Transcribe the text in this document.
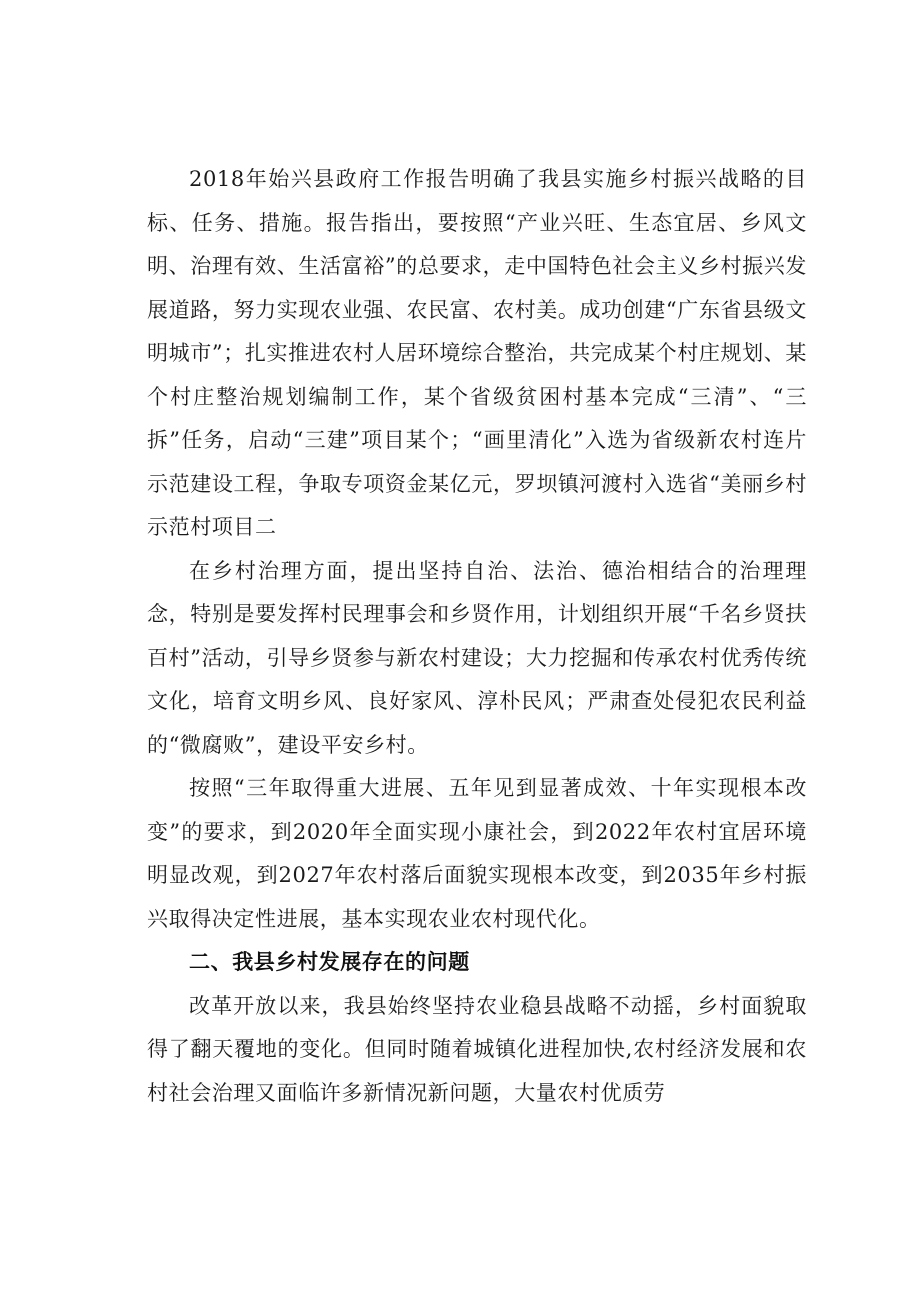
2018年始兴县政府工作报告明确了我县实施乡村振兴战略的目标、任务、措施。报告指出，要按照“产业兴旺、生态宜居、乡风文明、治理有效、生活富裕”的总要求，走中国特色社会主义乡村振兴发展道路，努力实现农业强、农民富、农村美。成功创建“广东省县级文明城市”；扎实推进农村人居环境综合整治，共完成某个村庄规划、某个村庄整治规划编制工作，某个省级贫困村基本完成“三清”、“三拆”任务，启动“三建”项目某个；“画里清化”入选为省级新农村连片示范建设工程，争取专项资金某亿元，罗坝镇河渡村入选省“美丽乡村示范村项目二

在乡村治理方面，提出坚持自治、法治、德治相结合的治理理念，特别是要发挥村民理事会和乡贤作用，计划组织开展“千名乡贤扶百村”活动，引导乡贤参与新农村建设；大力挖掘和传承农村优秀传统文化，培育文明乡风、良好家风、淳朴民风；严肃查处侵犯农民利益的“微腐败”，建设平安乡村。

按照“三年取得重大进展、五年见到显著成效、十年实现根本改变”的要求，到2020年全面实现小康社会，到2022年农村宜居环境明显改观，到2027年农村落后面貌实现根本改变，到2035年乡村振兴取得决定性进展，基本实现农业农村现代化。

二、我县乡村发展存在的问题

改革开放以来，我县始终坚持农业稳县战略不动摇，乡村面貌取得了翻天覆地的变化。但同时随着城镇化进程加快,农村经济发展和农村社会治理又面临许多新情况新问题，大量农村优质劳
